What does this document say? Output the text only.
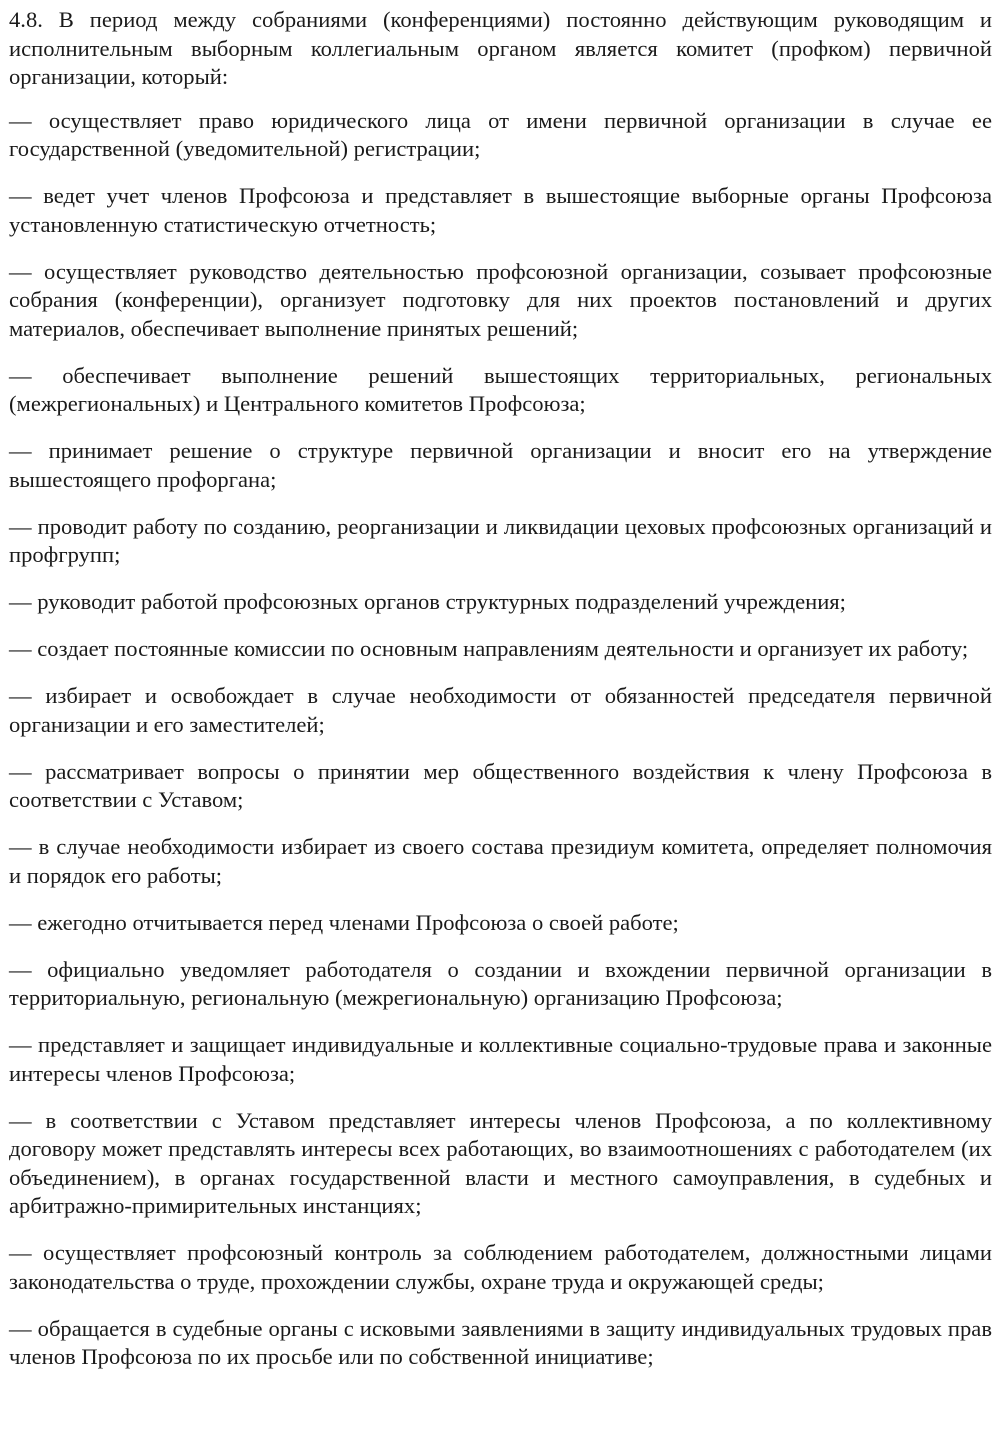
4.8. В период между собраниями (конференциями) постоянно действующим руководящим и исполнительным выборным коллегиальным органом является комитет (профком) первичной организации, который:

— осуществляет право юридического лица от имени первичной организации в случае ее государственной (уведомительной) регистрации;

— ведет учет членов Профсоюза и представляет в вышестоящие выборные органы Профсоюза установленную статистическую отчетность;

— осуществляет руководство деятельностью профсоюзной организации, созывает профсоюзные собрания (конференции), организует подготовку для них проектов постановлений и других материалов, обеспечивает выполнение принятых решений;

— обеспечивает выполнение решений вышестоящих территориальных, региональных (межрегиональных) и Центрального комитетов Профсоюза;

— принимает решение о структуре первичной организации и вносит его на утверждение вышестоящего профоргана;

— проводит работу по созданию, реорганизации и ликвидации цеховых профсоюзных организаций и профгрупп;

— руководит работой профсоюзных органов структурных подразделений учреждения;

— создает постоянные комиссии по основным направлениям деятельности и организует их работу;

— избирает и освобождает в случае необходимости от обязанностей председателя первичной организации и его заместителей;

— рассматривает вопросы о принятии мер общественного воздействия к члену Профсоюза в соответствии с Уставом;

— в случае необходимости избирает из своего состава президиум комитета, определяет полномочия и порядок его работы;

— ежегодно отчитывается перед членами Профсоюза о своей работе;

— официально уведомляет работодателя о создании и вхождении первичной организации в территориальную, региональную (межрегиональную) организацию Профсоюза;

— представляет и защищает индивидуальные и коллективные социально-трудовые права и законные интересы членов Профсоюза;

— в соответствии с Уставом представляет интересы членов Профсоюза, а по коллективному договору может представлять интересы всех работающих, во взаимоотношениях с работодателем (их объединением), в органах государственной власти и местного самоуправления, в судебных и арбитражно-примирительных инстанциях;

— осуществляет профсоюзный контроль за соблюдением работодателем, должностными лицами законодательства о труде, прохождении службы, охране труда и окружающей среды;

— обращается в судебные органы с исковыми заявлениями в защиту индивидуальных трудовых прав членов Профсоюза по их просьбе или по собственной инициативе;
